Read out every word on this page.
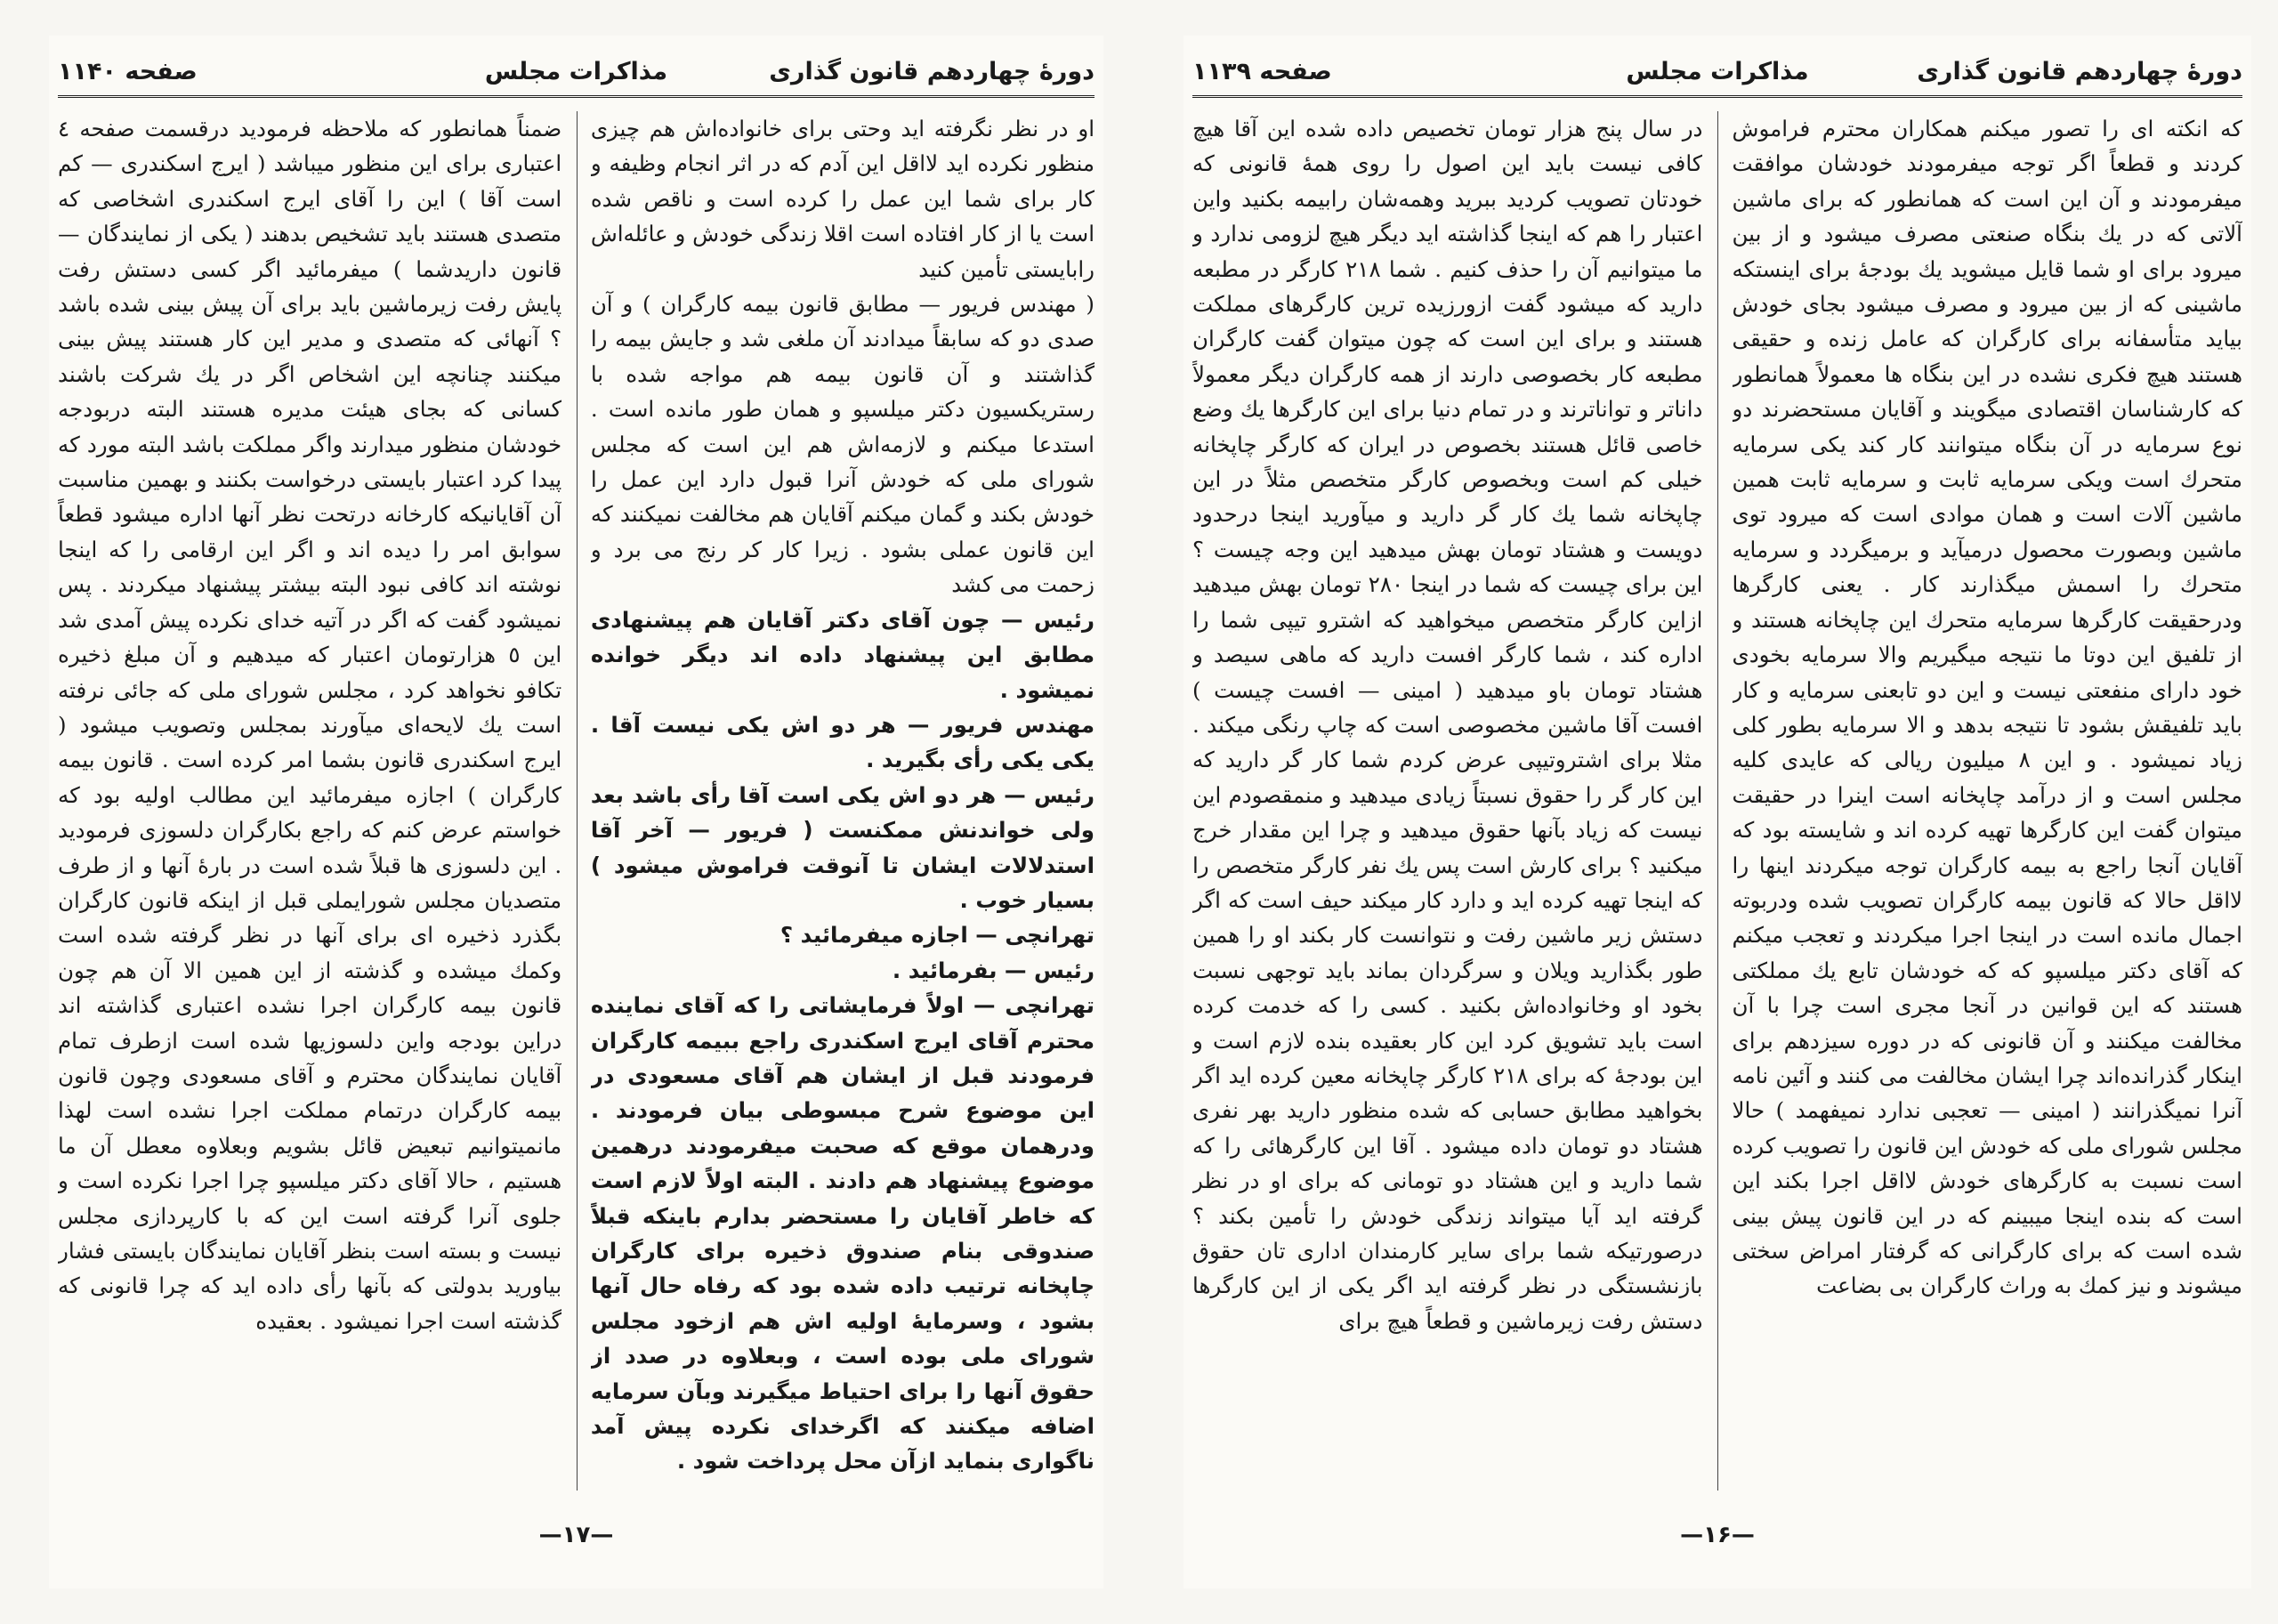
دورهٔ چهاردهم قانون گذاری
مذاکرات مجلس
صفحه ۱۱۴۰

او در نظر نگرفته اید وحتی برای خانواده‌اش هم چیزی منظور نکرده اید لااقل این آدم که در اثر انجام وظیفه و کار برای شما این عمل را کرده است و ناقص شده است یا از کار افتاده است اقلا زندگی خودش و عائله‌اش رابایستی تأمین کنید

( مهندس فریور — مطابق قانون بیمه کارگران ) و آن صدی دو که سابقاً میدادند آن ملغی شد و جایش بیمه را گذاشتند و آن قانون بیمه هم مواجه شده با رستریکسیون دکتر میلسپو و همان طور مانده است . استدعا میکنم و لازمه‌اش هم این است که مجلس شورای ملی که خودش آنرا قبول دارد این عمل را خودش بکند و گمان میکنم آقایان هم مخالفت نمیکنند که این قانون عملی بشود . زیرا کار کر رنج می برد و زحمت می کشد

رئیس — چون آقای دکتر آقایان هم پیشنهادی مطابق این پیشنهاد داده اند دیگر خوانده نمیشود .

مهندس فریور — هر دو اش یکی نیست آقا . یکی یکی رأی بگیرید .

رئیس — هر دو اش یکی است آقا رأی باشد بعد ولی خواندنش ممکنست ( فریور — آخر آقا استدلالات ایشان تا آنوقت فراموش میشود ) بسیار خوب .

تهرانچی — اجازه میفرمائید ؟

رئیس — بفرمائید .

تهرانچی — اولاً فرمایشاتی را که آقای نماینده محترم آقای ایرج اسکندری راجع ببیمه کارگران فرمودند قبل از ایشان هم آقای مسعودی در این موضوع شرح مبسوطی بیان فرمودند . ودرهمان موقع که صحبت میفرمودند درهمین موضوع پیشنهاد هم دادند . البته اولاً لازم است که خاطر آقایان را مستحضر بدارم باینکه قبلاً صندوقی بنام صندوق ذخیره برای کارگران چاپخانه ترتیب داده شده بود که رفاه حال آنها بشود ، وسرمایهٔ اولیه اش هم ازخود مجلس شورای ملی بوده است ، وبعلاوه در صدد از حقوق آنها را برای احتیاط میگیرند وبآن سرمایه اضافه میکنند که اگرخدای نکرده پیش آمد ناگواری بنماید ازآن محل پرداخت شود .

ضمناً همانطور که ملاحظه فرمودید درقسمت صفحه ٤ اعتباری برای این منظور میباشد ( ایرج اسکندری — کم است آقا ) این را آقای ایرج اسکندری اشخاصی که متصدی هستند باید تشخیص بدهند ( یکی از نمایندگان — قانون داریدشما ) میفرمائید اگر کسی دستش رفت پایش رفت زیرماشین باید برای آن پیش بینی شده باشد ؟ آنهائی که متصدی و مدیر این کار هستند پیش بینی میکنند چنانچه این اشخاص اگر در یك شرکت باشند کسانی که بجای هیئت مدیره هستند البته دربودجه خودشان منظور میدارند واگر مملکت باشد البته مورد که پیدا کرد اعتبار بایستی درخواست بکنند و بهمین مناسبت آن آقایانیکه کارخانه درتحت نظر آنها اداره میشود قطعاً سوابق امر را دیده اند و اگر این ارقامی را که اینجا نوشته اند کافی نبود البته بیشتر پیشنهاد میکردند . پس نمیشود گفت که اگر در آتیه خدای نکرده پیش آمدی شد این ٥ هزارتومان اعتبار که میدهیم و آن مبلغ ذخیره تکافو نخواهد کرد ، مجلس شورای ملی که جائی نرفته است یك لایحه‌ای میآورند بمجلس وتصویب میشود ( ایرج اسکندری قانون بشما امر کرده است . قانون بیمه کارگران ) اجازه میفرمائید این مطالب اولیه بود که خواستم عرض کنم که راجع بکارگران دلسوزی فرمودید . این دلسوزی ها قبلاً شده است در بارهٔ آنها و از طرف متصدیان مجلس شورایملی قبل از اینکه قانون کارگران بگذرد ذخیره ای برای آنها در نظر گرفته شده است وکمك میشده و گذشته از این همین الا آن هم چون قانون بیمه کارگران اجرا نشده اعتباری گذاشته اند دراین بودجه واین دلسوزیها شده است ازطرف تمام آقایان نمایندگان محترم و آقای مسعودی وچون قانون بیمه کارگران درتمام مملکت اجرا نشده است لهذا مانمیتوانیم تبعیض قائل بشویم وبعلاوه معطل آن ما هستیم ، حالا آقای دکتر میلسپو چرا اجرا نکرده است و جلوی آنرا گرفته است این که با کارپردازی مجلس نیست و بسته است بنظر آقایان نمایندگان بایستی فشار بیاورید بدولتی که بآنها رأی داده اید که چرا قانونی که گذشته است اجرا نمیشود . بعقیده

—۱۷—
دورهٔ چهاردهم قانون گذاری
مذاکرات مجلس
صفحه ۱۱۳۹

که انکته ای را تصور میکنم همکاران محترم فراموش کردند و قطعاً اگر توجه میفرمودند خودشان موافقت میفرمودند و آن این است که همانطور که برای ماشین آلاتی که در یك بنگاه صنعتی مصرف میشود و از بین میرود برای او شما قایل میشوید یك بودجهٔ برای اینستکه ماشینی که از بین میرود و مصرف میشود بجای خودش بیاید متأسفانه برای کارگران که عامل زنده و حقیقی هستند هیچ فکری نشده در این بنگاه ها معمولاً همانطور که کارشناسان اقتصادی میگویند و آقایان مستحضرند دو نوع سرمایه در آن بنگاه میتوانند کار کند یکی سرمایه متحرك است ویکی سرمایه ثابت و سرمایه ثابت همین ماشین آلات است و همان موادی است که میرود توی ماشین وبصورت محصول درمیآید و برمیگردد و سرمایه متحرك را اسمش میگذارند کار . یعنی کارگرها ودرحقیقت کارگرها سرمایه متحرك این چاپخانه هستند و از تلفیق این دوتا ما نتیجه میگیریم والا سرمایه بخودی خود دارای منفعتی نیست و این دو تابعنی سرمایه و کار باید تلفیقش بشود تا نتیجه بدهد و الا سرمایه بطور کلی زیاد نمیشود . و این ۸ میلیون ریالی که عایدی کلیه مجلس است و از درآمد چاپخانه است اینرا در حقیقت میتوان گفت این کارگرها تهیه کرده اند و شایسته بود که آقایان آنجا راجع به بیمه کارگران توجه میکردند اینها را لااقل حالا که قانون بیمه کارگران تصویب شده ودربوته اجمال مانده است در اینجا اجرا میکردند و تعجب میکنم که آقای دکتر میلسپو که که خودشان تابع یك مملکتی هستند که این قوانین در آنجا مجری است چرا با آن مخالفت میکنند و آن قانونی که در دوره سیزدهم برای اینکار گذرانده‌اند چرا ایشان مخالفت می کنند و آئین نامه آنرا نمیگذرانند ( امینی — تعجبی ندارد نمیفهمد ) حالا مجلس شورای ملی که خودش این قانون را تصویب کرده است نسبت به کارگرهای خودش لااقل اجرا بکند این است که بنده اینجا میبینم که در این قانون پیش بینی شده است که برای کارگرانی که گرفتار امراض سختی میشوند و نیز کمك به وراث کارگران بی بضاعت

در سال پنج هزار تومان تخصیص داده شده این آقا هیچ کافی نیست باید این اصول را روی همهٔ قانونی که خودتان تصویب کردید ببرید وهمه‌شان رابیمه بکنید واین اعتبار را هم که اینجا گذاشته اید دیگر هیچ لزومی ندارد و ما میتوانیم آن را حذف کنیم . شما ۲۱۸ کارگر در مطبعه دارید که میشود گفت ازورزیده ترین کارگرهای مملکت هستند و برای این است که چون میتوان گفت کارگران مطبعه کار بخصوصی دارند از همه کارگران دیگر معمولاً داناتر و تواناترند و در تمام دنیا برای این کارگرها یك وضع خاصی قائل هستند بخصوص در ایران که کارگر چاپخانه خیلی کم است وبخصوص کارگر متخصص مثلاً در این چاپخانه شما یك کار گر دارید و میآورید اینجا درحدود دویست و هشتاد تومان بهش میدهید این وجه چیست ؟ این برای چیست که شما در اینجا ۲۸۰ تومان بهش میدهید ازاین کارگر متخصص میخواهید که اشترو تیپی شما را اداره کند ، شما کارگر افست دارید که ماهی سیصد و هشتاد تومان باو میدهید ( امینی — افست چیست ) افست آقا ماشین مخصوصی است که چاپ رنگی میکند . مثلا برای اشتروتیپی عرض کردم شما کار گر دارید که این کار گر را حقوق نسبتاً زیادی میدهید و منمقصودم این نیست که زیاد بآنها حقوق میدهید و چرا این مقدار خرج میکنید ؟ برای کارش است پس یك نفر کارگر متخصص را که اینجا تهیه کرده اید و دارد کار میکند حیف است که اگر دستش زیر ماشین رفت و نتوانست کار بکند او را همین طور بگذارید ویلان و سرگردان بماند باید توجهی نسبت بخود او وخانواده‌اش بکنید . کسی را که خدمت کرده است باید تشویق کرد این کار بعقیده بنده لازم است و این بودجهٔ که برای ۲۱۸ کارگر چاپخانه معین کرده اید اگر بخواهید مطابق حسابی که شده منظور دارید بهر نفری هشتاد دو تومان داده میشود . آقا این کارگرهائی را که شما دارید و این هشتاد دو تومانی که برای او در نظر گرفته اید آیا میتواند زندگی خودش را تأمین بکند ؟ درصورتیکه شما برای سایر کارمندان اداری تان حقوق بازنشستگی در نظر گرفته اید اگر یکی از این کارگرها دستش رفت زیرماشین و قطعاً هیچ برای

—۱۶—
